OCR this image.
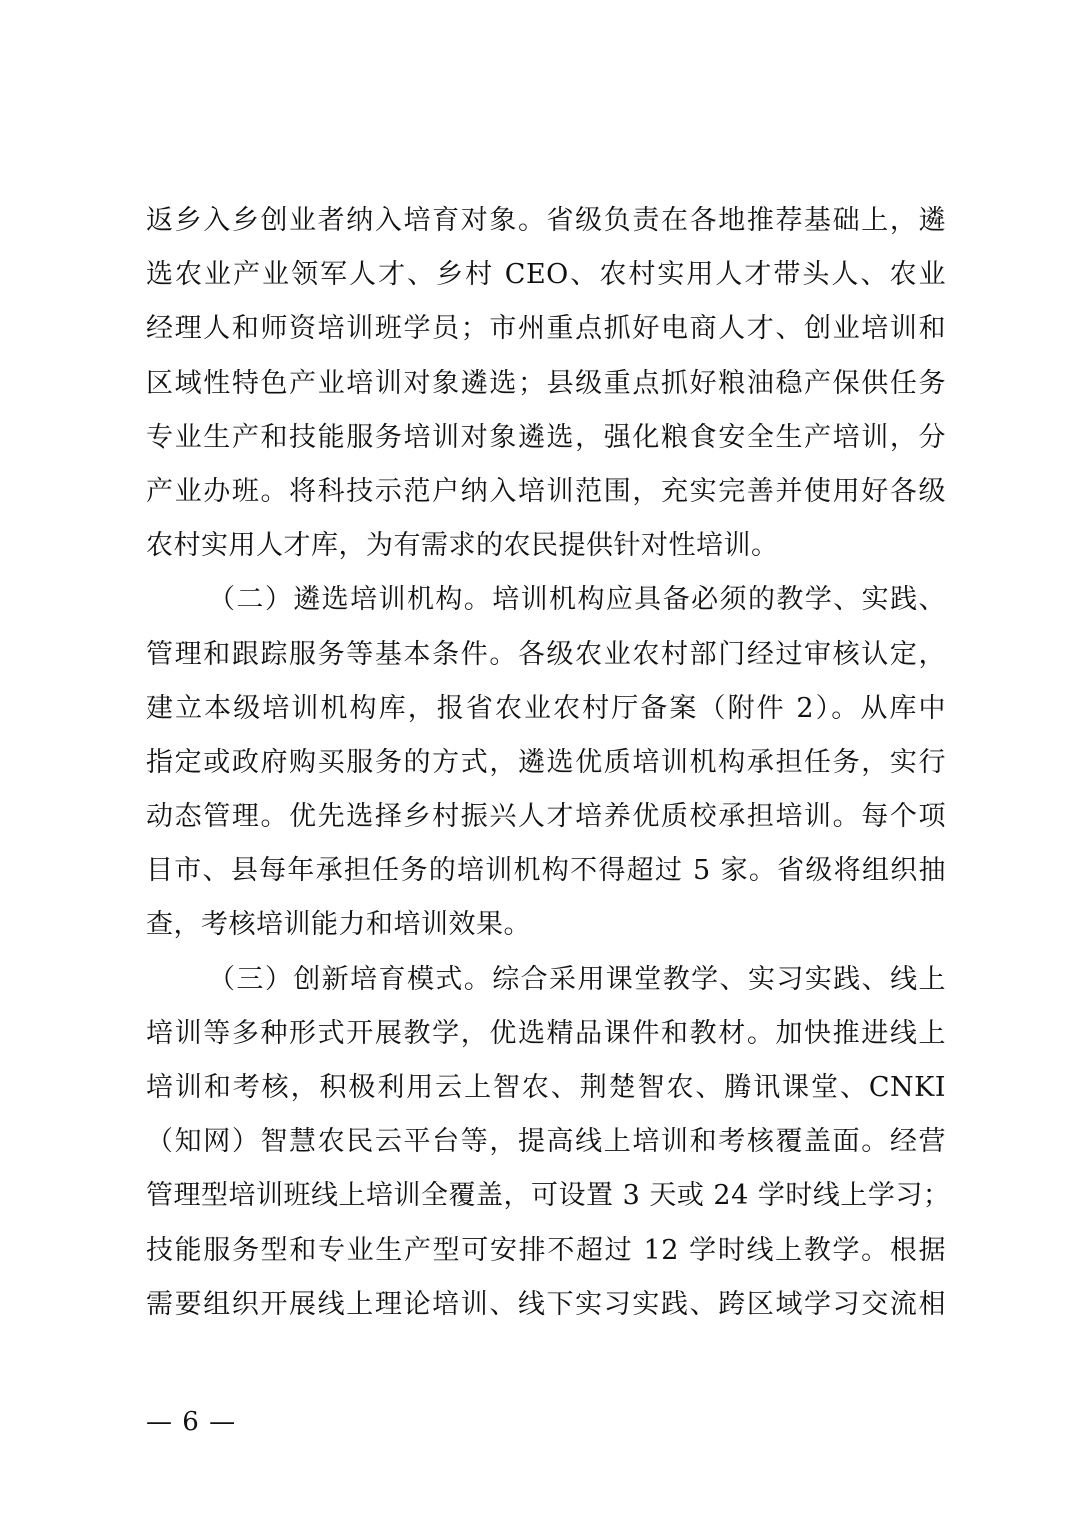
返乡入乡创业者纳入培育对象。省级负责在各地推荐基础上，遴
选农业产业领军人才、乡村 CEO、农村实用人才带头人、农业
经理人和师资培训班学员；市州重点抓好电商人才、创业培训和
区域性特色产业培训对象遴选；县级重点抓好粮油稳产保供任务
专业生产和技能服务培训对象遴选，强化粮食安全生产培训，分
产业办班。将科技示范户纳入培训范围，充实完善并使用好各级
农村实用人才库，为有需求的农民提供针对性培训。
（二）遴选培训机构。培训机构应具备必须的教学、实践、
管理和跟踪服务等基本条件。各级农业农村部门经过审核认定，
建立本级培训机构库，报省农业农村厅备案（附件 2）。从库中
指定或政府购买服务的方式，遴选优质培训机构承担任务，实行
动态管理。优先选择乡村振兴人才培养优质校承担培训。每个项
目市、县每年承担任务的培训机构不得超过 5 家。省级将组织抽
查，考核培训能力和培训效果。
（三）创新培育模式。综合采用课堂教学、实习实践、线上
培训等多种形式开展教学，优选精品课件和教材。加快推进线上
培训和考核，积极利用云上智农、荆楚智农、腾讯课堂、CNKI
（知网）智慧农民云平台等，提高线上培训和考核覆盖面。经营
管理型培训班线上培训全覆盖，可设置 3 天或 24 学时线上学习；
技能服务型和专业生产型可安排不超过 12 学时线上教学。根据
需要组织开展线上理论培训、线下实习实践、跨区域学习交流相
— 6 —
